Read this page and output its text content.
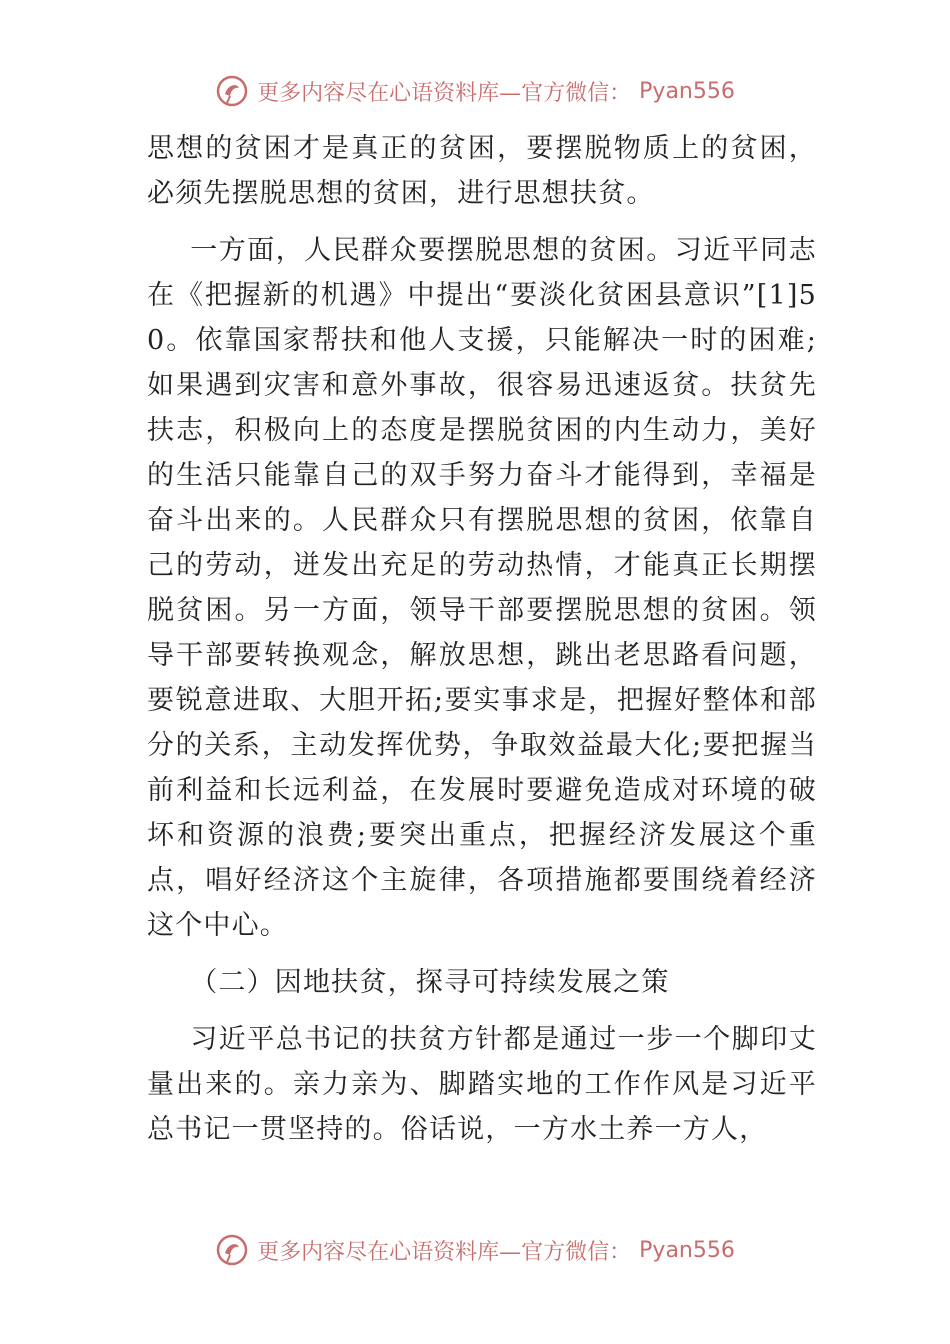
更多内容尽在心语资料库—官方微信： Pyan556

思想的贫困才是真正的贫困，要摆脱物质上的贫困，必须先摆脱思想的贫困，进行思想扶贫。

一方面，人民群众要摆脱思想的贫困。习近平同志在《把握新的机遇》中提出“要淡化贫困县意识”[1]50。依靠国家帮扶和他人支援，只能解决一时的困难;如果遇到灾害和意外事故，很容易迅速返贫。扶贫先扶志，积极向上的态度是摆脱贫困的内生动力，美好的生活只能靠自己的双手努力奋斗才能得到，幸福是奋斗出来的。人民群众只有摆脱思想的贫困，依靠自己的劳动，迸发出充足的劳动热情，才能真正长期摆脱贫困。另一方面，领导干部要摆脱思想的贫困。领导干部要转换观念，解放思想，跳出老思路看问题，要锐意进取、大胆开拓;要实事求是，把握好整体和部分的关系，主动发挥优势，争取效益最大化;要把握当前利益和长远利益，在发展时要避免造成对环境的破坏和资源的浪费;要突出重点，把握经济发展这个重点，唱好经济这个主旋律，各项措施都要围绕着经济这个中心。

（二）因地扶贫，探寻可持续发展之策

习近平总书记的扶贫方针都是通过一步一个脚印丈量出来的。亲力亲为、脚踏实地的工作作风是习近平总书记一贯坚持的。俗话说，一方水土养一方人，

更多内容尽在心语资料库—官方微信： Pyan556
